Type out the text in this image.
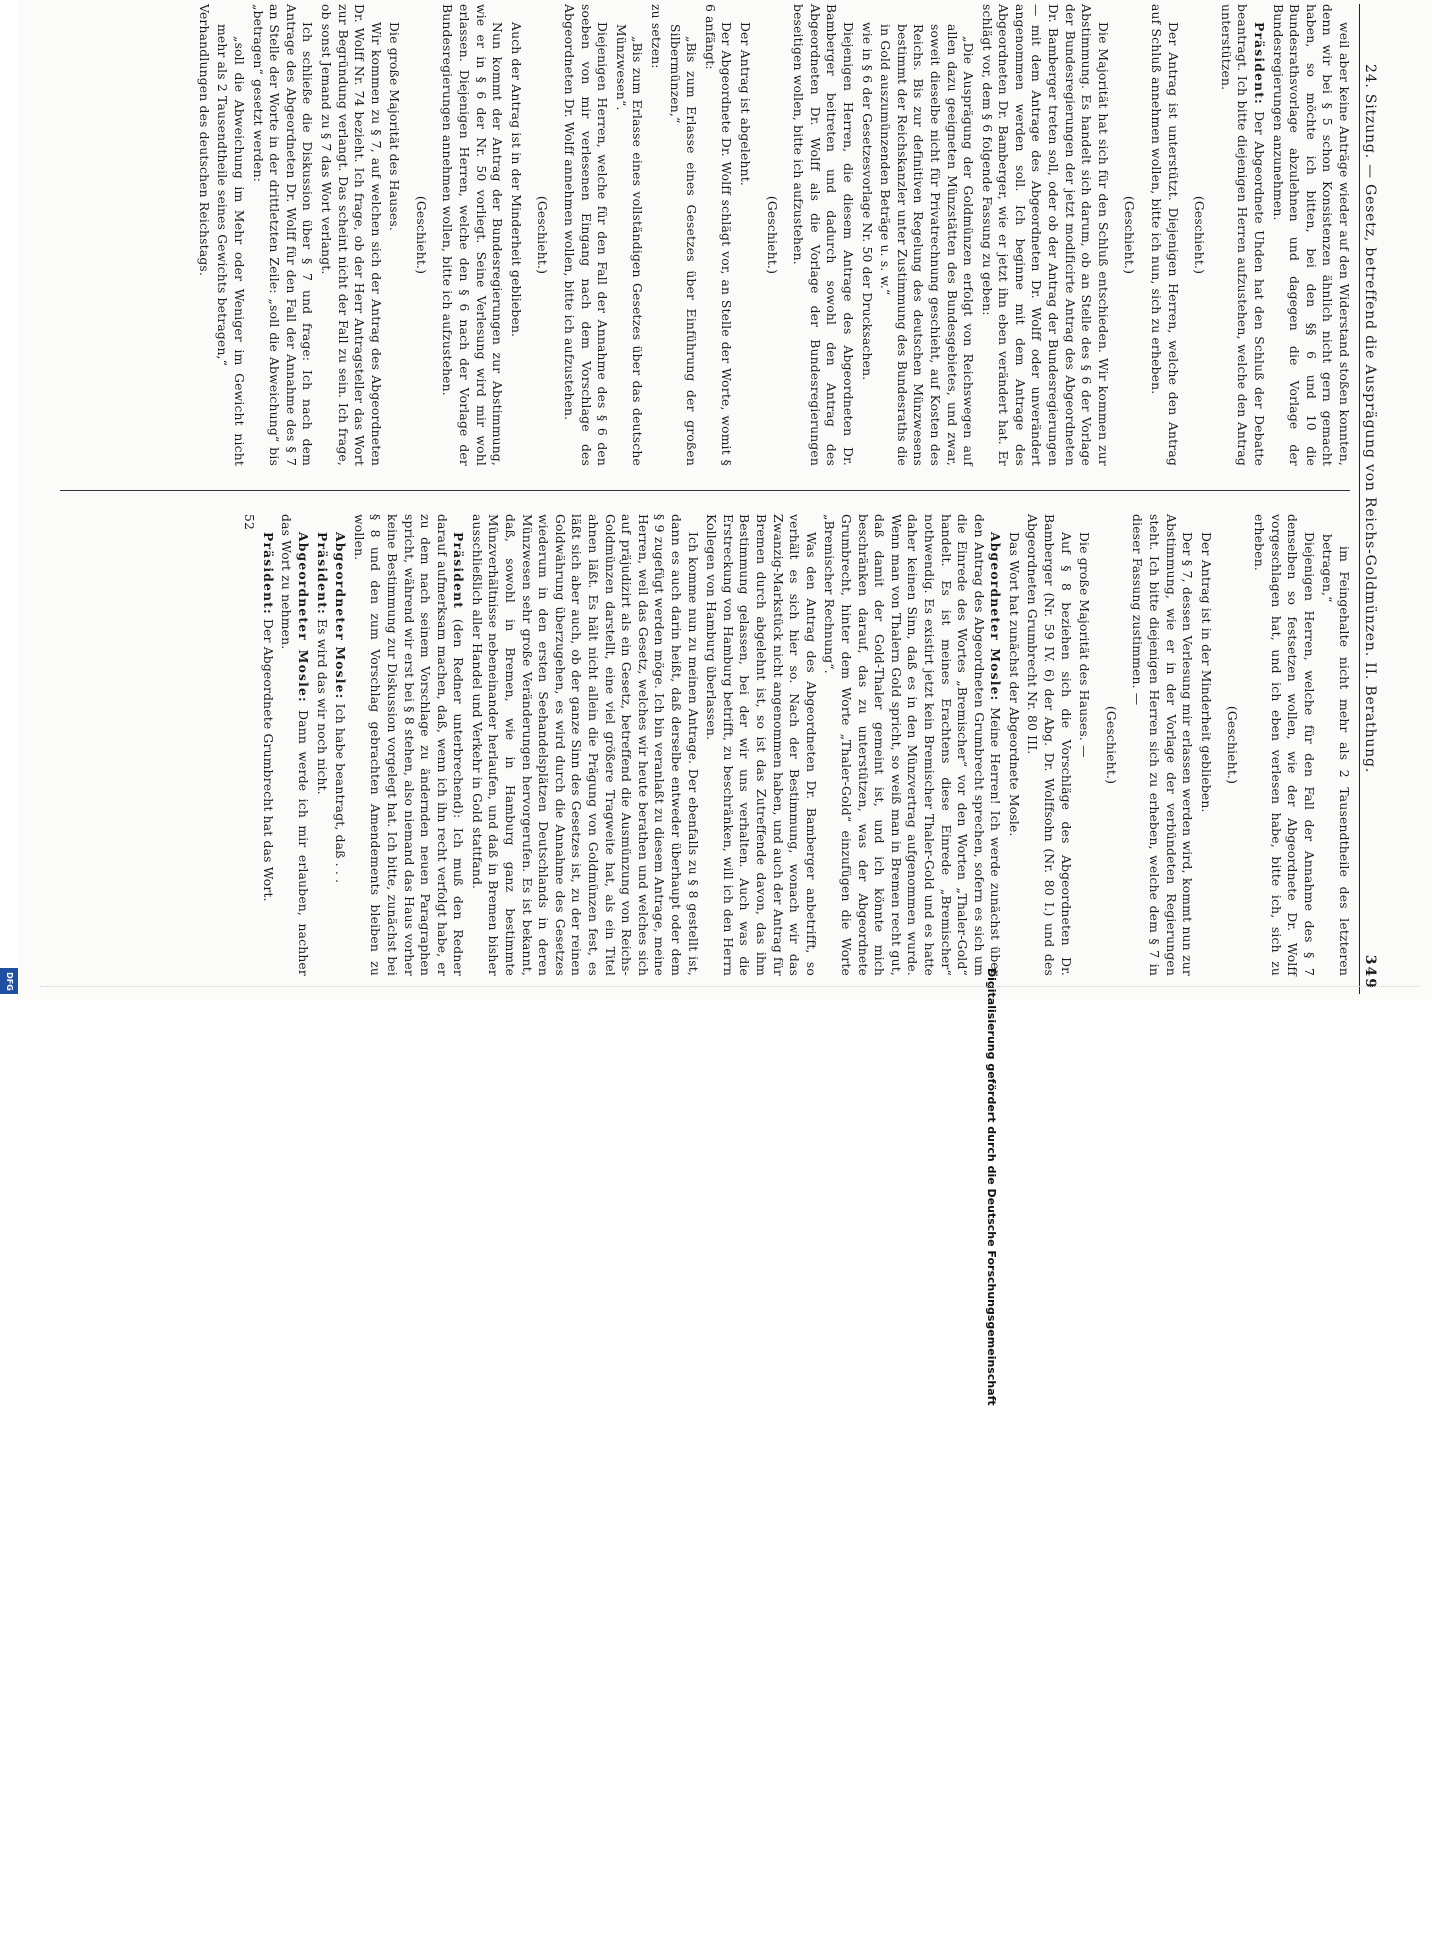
DFG	Digitalisierung gefördert durch die Deutsche Forschungsgemeinschaft
24. Sitzung. — Gesetz, betreffend die Ausprägung von Reichs-Goldmünzen. II. Berathung.
349

weil aber keine Anträge wieder auf den Widerstand stoßen konnten, denn wir bei § 5 schon Konsistenzen ähnlich nicht gern gemacht haben, so möchte ich bitten, bei den §§ 6 und 10 die Bundesrathsvorlage abzulehnen und dagegen die Vorlage der Bundesregierungen anzunehmen.

Präsident: Der Abgeordnete Uhden hat den Schluß der Debatte beantragt. Ich bitte diejenigen Herren aufzustehen, welche den Antrag unterstützen.

(Geschieht.)

Der Antrag ist unterstützt. Diejenigen Herren, welche den Antrag auf Schluß annehmen wollen, bitte ich nun, sich zu erheben.

(Geschieht.)

Die Majorität hat sich für den Schluß entschieden. Wir kommen zur Abstimmung. Es handelt sich darum, ob an Stelle des § 6 der Vorlage der Bundesregierungen der jetzt modificirte Antrag des Abgeordneten Dr. Bamberger treten soll, oder ob der Antrag der Bundesregierungen — mit dem Antrage des Abgeordneten Dr. Wolff oder unverändert angenommen werden soll. Ich beginne mit dem Antrage des Abgeordneten Dr. Bamberger, wie er jetzt ihn eben verändert hat. Er schlägt vor, dem § 6 folgende Fassung zu geben:

„Die Ausprägung der Goldmünzen erfolgt von Reichswegen auf allen dazu geeigneten Münzstätten des Bundesgebietes, und zwar, soweit dieselbe nicht für Privatrechnung geschieht, auf Kosten des Reichs. Bis zur definitiven Regelung des deutschen Münzwesens bestimmt der Reichskanzler unter Zustimmung des Bundesraths die in Gold auszumünzenden Beträge u. s. w.“

wie in § 6 der Gesetzesvorlage Nr. 50 der Drucksachen.

Diejenigen Herren, die diesem Antrage des Abgeordneten Dr. Bamberger beitreten und dadurch sowohl den Antrag des Abgeordneten Dr. Wolff als die Vorlage der Bundesregierungen beseitigen wollen, bitte ich aufzustehen.

(Geschieht.)

Der Antrag ist abgelehnt.

Der Abgeordnete Dr. Wolff schlägt vor, an Stelle der Worte, womit § 6 anfängt:

„Bis zum Erlasse eines Gesetzes über Einführung der großen Silbermünzen,“

zu setzen:

„Bis zum Erlasse eines vollständigen Gesetzes über das deutsche Münzwesen“.

Diejenigen Herren, welche für den Fall der Annahme des § 6 den soeben von mir verlesenen Eingang nach dem Vorschlage des Abgeordneten Dr. Wolff annehmen wollen, bitte ich aufzustehen.

(Geschieht.)

Auch der Antrag ist in der Minderheit geblieben.

Nun kommt der Antrag der Bundesregierungen zur Abstimmung, wie er in § 6 der Nr. 50 vorliegt. Seine Verlesung wird mir wohl erlassen. Diejenigen Herren, welche den § 6 nach der Vorlage der Bundesregierungen annehmen wollen, bitte ich aufzustehen.

(Geschieht.)

Die große Majorität des Hauses.

Wir kommen zu § 7, auf welchen sich der Antrag des Abgeordneten Dr. Wolff Nr. 74 bezieht. Ich frage, ob der Herr Antragsteller das Wort zur Begründung verlangt. Das scheint nicht der Fall zu sein. Ich frage, ob sonst Jemand zu § 7 das Wort verlangt.

Ich schließe die Diskussion über § 7 und frage: Ich nach dem Antrage des Abgeordneten Dr. Wolff für den Fall der Annahme des § 7 an Stelle der Worte in der drittletzten Zeile: „soll die Abweichung“ bis „betragen“ gesetzt werden:

„soll die Abweichung im Mehr oder Weniger im Gewicht nicht mehr als 2 Tausendtheile seines Gewichts betragen,“

Verhandlungen des deutschen Reichstags.

im Feingehalte nicht mehr als 2 Tausendtheile des letzteren betragen,“

Diejenigen Herren, welche für den Fall der Annahme des § 7 denselben so festsetzen wollen, wie der Abgeordnete Dr. Wolff vorgeschlagen hat, und ich eben verlesen habe, bitte ich, sich zu erheben.

(Geschieht.)

Der Antrag ist in der Minderheit geblieben.

Der § 7, dessen Verlesung mir erlassen werden wird, kommt nun zur Abstimmung, wie er in der Vorlage der verbündeten Regierungen steht. Ich bitte diejenigen Herren sich zu erheben, welche dem § 7 in dieser Fassung zustimmen. —

(Geschieht.)

Die große Majorität des Hauses. —

Auf § 8 beziehen sich die Vorschläge des Abgeordneten Dr. Bamberger (Nr. 59 IV. 6) der Abg. Dr. Wolffsohn (Nr. 80 I.) und des Abgeordneten Grumbrecht Nr. 80 III.

Das Wort hat zunächst der Abgeordnete Mosle.

Abgeordneter Mosle: Meine Herren! Ich werde zunächst über den Antrag des Abgeordneten Grumbrecht sprechen, sofern es sich um die Einrede des Wortes „Bremischer“ vor den Worten „Thaler-Gold“ handelt. Es ist meines Erachtens diese Einrede „Bremischer“ nothwendig. Es existirt jetzt kein Bremischer Thaler-Gold und es hatte daher keinen Sinn, daß es in den Münzvertrag aufgenommen wurde. Wenn man von Thalern Gold spricht, so weiß man in Bremen recht gut, daß damit der Gold-Thaler gemeint ist, und ich könnte mich beschränken darauf, das zu unterstützen, was der Abgeordnete Grumbrecht, hinter dem Worte „Thaler-Gold“ einzufügen die Worte „Bremischer Rechnung“.

Was den Antrag des Abgeordneten Dr. Bamberger anbetrifft, so verhält es sich hier so. Nach der Bestimmung, wonach wir das Zwanzig-Markstück nicht angenommen haben, und auch der Antrag für Bremen durch abgelehnt ist, so ist das Zutreffende davon, das ihm Bestimmung gelassen, bei der wir uns verhalten. Auch was die Erstreckung von Hamburg betrifft, zu beschränken, will ich den Herrn Kollegen von Hamburg überlassen.

Ich komme nun zu meinen Antrage. Der ebenfalls zu § 8 gestellt ist, dann es auch darin heißt, daß derselbe entweder überhaupt oder dem § 9 zugefügt werden möge. Ich bin veranlaßt zu diesem Antrage, meine Herren, weil das Gesetz, welches wir heute berathen und welches sich auf präjudizirt als ein Gesetz, betreffend die Ausmünzung von Reichs-Goldmünzen darstellt, eine viel größere Tragweite hat, als ein Titel ahnen läßt. Es hält nicht allein die Prägung von Goldmünzen fest, es läßt sich aber auch, ob der ganze Sinn des Gesetzes ist, zu der reinen Goldwährung überzugehen, es wird durch die Annahme des Gesetzes wiederum in den ersten Seehandelsplätzen Deutschlands in deren Münzwesen sehr große Veränderungen hervorgerufen. Es ist bekannt, daß, sowohl in Bremen, wie in Hamburg ganz bestimmte Münzverhältnisse nebeneinander herlaufen, und daß in Bremen bisher ausschließlich aller Handel und Verkehr in Gold stattfand.

Präsident (den Redner unterbrechend): Ich muß den Redner darauf aufmerksam machen, daß, wenn ich ihn recht verfolgt habe, er zu dem nach seinem Vorschlage zu ändernden neuen Paragraphen spricht, während wir erst bei § 8 stehen, also niemand das Haus vorher keine Bestimmung zur Diskussion vorgelegt hat. Ich bitte, zunächst bei § 8 und den zum Vorschlag gebrachten Amendements bleiben zu wollen.

Abgeordneter Mosle: Ich habe beantragt, daß . . .

Präsident: Es wird das wir noch nicht.

Abgeordneter Mosle: Dann werde ich mir erlauben, nachher das Wort zu nehmen.

Präsident: Der Abgeordnete Grumbrecht hat das Wort.

52
